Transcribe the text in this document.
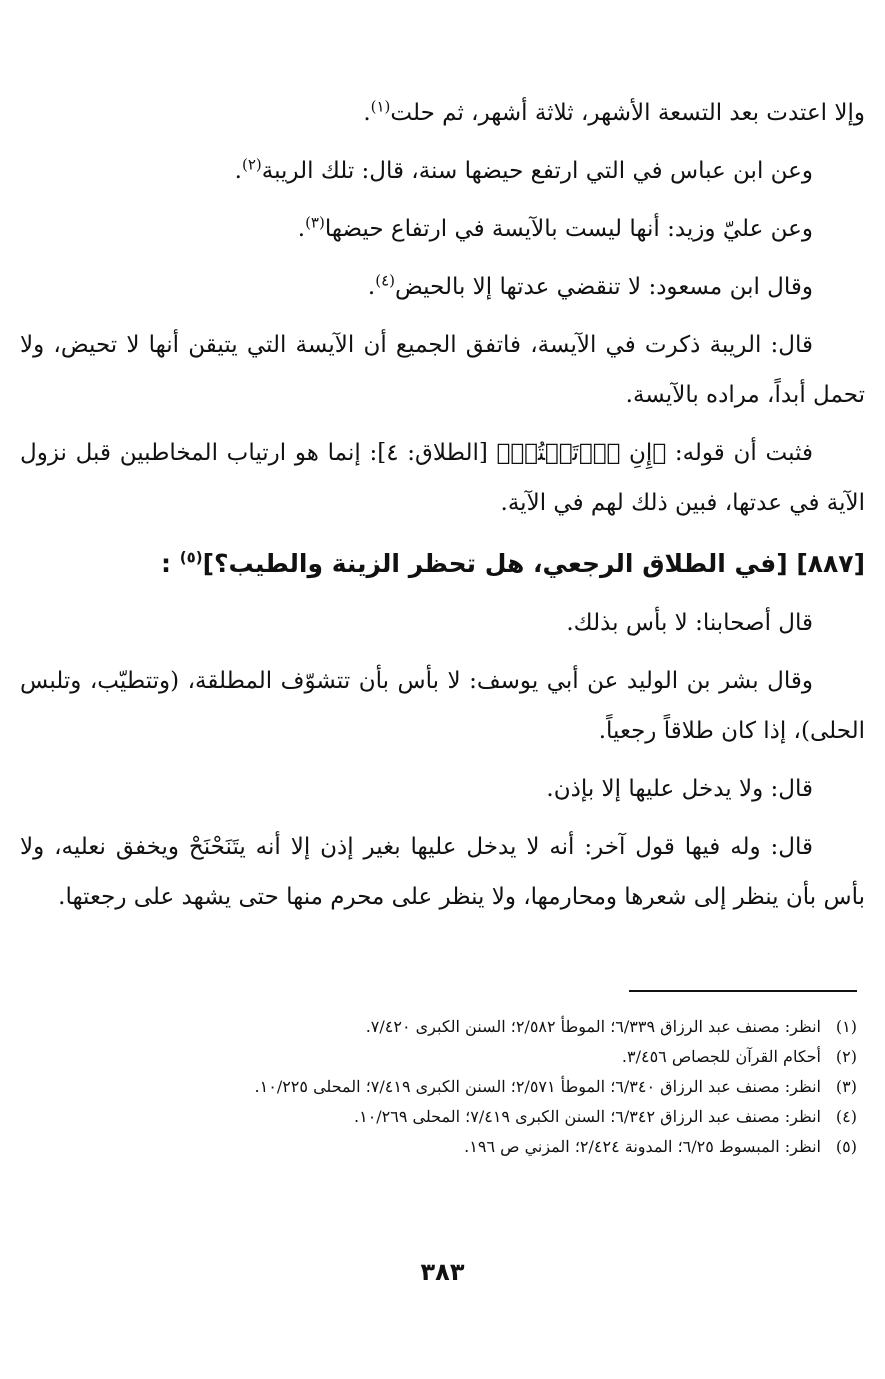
وإلا اعتدت بعد التسعة الأشهر، ثلاثة أشهر، ثم حلت$^{(١)}$.

وعن ابن عباس في التي ارتفع حيضها سنة، قال: تلك الريبة$^{(٢)}$.

وعن عليّ وزيد: أنها ليست بالآيسة في ارتفاع حيضها$^{(٣)}$.

وقال ابن مسعود: لا تنقضي عدتها إلا بالحيض$^{(٤)}$.

قال: الريبة ذكرت في الآيسة، فاتفق الجميع أن الآيسة التي يتيقن أنها لا تحيض، ولا تحمل أبداً، مراده بالآيسة.

فثبت أن قوله: ﴿إِنِ ٱرۡتَبۡتُمۡ﴾ [الطلاق: ٤]: إنما هو ارتياب المخاطبين قبل نزول الآية في عدتها، فبين ذلك لهم في الآية.

[٨٨٧] [في الطلاق الرجعي، هل تحظر الزينة والطيب؟]$^{(٥)}$ :

قال أصحابنا: لا بأس بذلك.

وقال بشر بن الوليد عن أبي يوسف: لا بأس بأن تتشوّف المطلقة، (وتتطيّب، وتلبس الحلى)، إذا كان طلاقاً رجعياً.

قال: ولا يدخل عليها إلا بإذن.

قال: وله فيها قول آخر: أنه لا يدخل عليها بغير إذن إلا أنه يتَنَحْنَحْ ويخفق نعليه، ولا بأس بأن ينظر إلى شعرها ومحارمها، ولا ينظر على محرم منها حتى يشهد على رجعتها.

(١)
انظر: مصنف عبد الرزاق ٦/٣٣٩؛ الموطأ ٢/٥٨٢؛ السنن الكبرى ٧/٤٢٠.
(٢)
أحكام القرآن للجصاص ٣/٤٥٦.
(٣)
انظر: مصنف عبد الرزاق ٦/٣٤٠؛ الموطأ ٢/٥٧١؛ السنن الكبرى ٧/٤١٩؛ المحلى ١٠/٢٢٥.
(٤)
انظر: مصنف عبد الرزاق ٦/٣٤٢؛ السنن الكبرى ٧/٤١٩؛ المحلى ١٠/٢٦٩.
(٥)
انظر: المبسوط ٦/٢٥؛ المدونة ٢/٤٢٤؛ المزني ص ١٩٦.
٣٨٣
